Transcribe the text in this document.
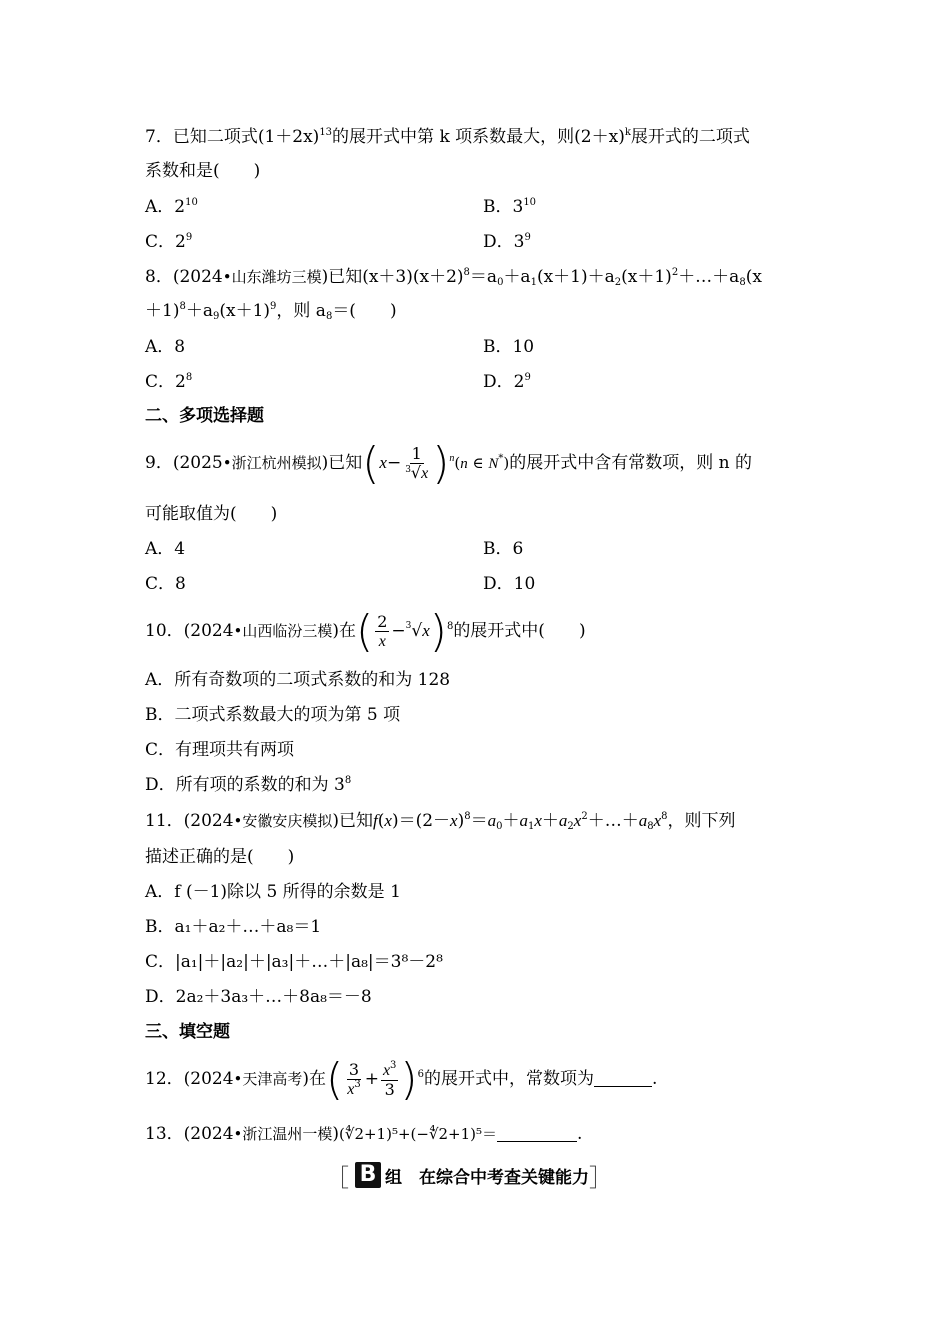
7．已知二项式$(1+2x)^{13}$的展开式中第 k 项系数最大，则$(2+x)^k$展开式的二项式
系数和是(　　)
A．$2^{10}$	B．$3^{10}$
C．$2^9$	D．$3^9$
8．(2024•山东潍坊三模)已知$(x+3)(x+2)^8=a_0+a_1(x+1)+a_2(x+1)^2+\dots+a_8(x$
$+1)^8+a_9(x+1)^9$，则 $a_8=$(　　)
A．8	B．10
C．$2^8$	D．$2^9$
二、多项选择题
9．(2025•浙江杭州模拟)已知$(x- \frac{1}{^3√x} )^n(n$ ∈ N*)的展开式中含有常数项，则 n 的
可能取值为(　　)
A．4	B．6
C．8	D．10
10．(2024•山西临汾三模)在( $\frac{2}{x} -^3√x)^8$的展开式中(　　)
A．所有奇数项的二项式系数的和为 128
B．二项式系数最大的项为第 5 项
C．有理项共有两项
D．所有项的系数的和为 $3^8$
11．(2024•安徽安庆模拟)已知$f(x)=(2-x)^8=a_0+a_1x+a_2x^2+\dots+a_8x^8$，则下列
描述正确的是(　　)
A．f (－1)除以 5 所得的余数是 1
B．a₁＋a₂＋…＋a₈＝1
C．|a₁|＋|a₂|＋|a₃|＋…＋|a₈|＝3⁸－2⁸
D．2a₂＋3a₃＋…＋8a₈＝－8
三、填空题
12．(2024•天津高考)在( $\frac{3}{x^3} + \frac{x^3}{3} )^6$的展开式中，常数项为	.
13．(2024•浙江温州一模)(∜2+1)⁵+(−∜2+1)⁵＝	.
［ B 组　在综合中考查关键能力 ］
